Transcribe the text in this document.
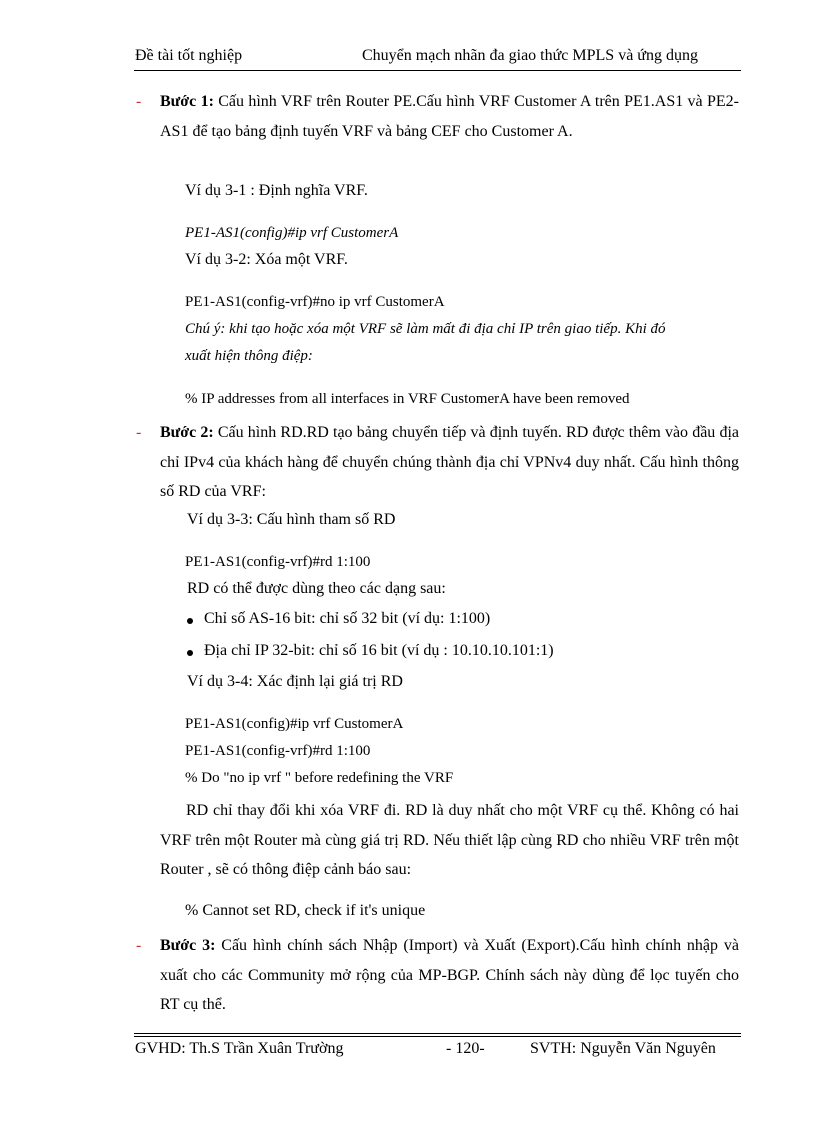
Đề tài tốt nghiệp	Chuyển mạch nhãn đa giao thức MPLS và ứng dụng
- Bước 1: Cấu hình VRF trên Router PE.Cấu hình VRF Customer A trên PE1.AS1 và PE2-AS1 để tạo bảng định tuyến VRF và bảng CEF cho Customer A.
Ví dụ 3-1 : Định nghĩa VRF.
PE1-AS1(config)#ip vrf CustomerA
Ví dụ 3-2: Xóa một VRF.
PE1-AS1(config-vrf)#no ip vrf CustomerA
Chú ý: khi tạo hoặc xóa một VRF sẽ làm mất đi địa chỉ IP trên giao tiếp. Khi đó
xuất hiện thông điệp:
% IP addresses from all interfaces in VRF CustomerA have been removed
- Bước 2: Cấu hình RD.RD tạo bảng chuyển tiếp và định tuyến. RD được thêm vào đầu địa chỉ IPv4 của khách hàng để chuyển chúng thành địa chỉ VPNv4 duy nhất. Cấu hình thông số RD của VRF:
Ví dụ 3-3: Cấu hình tham số RD
PE1-AS1(config-vrf)#rd 1:100
RD có thể được dùng theo các dạng sau:
Chỉ số AS-16 bit: chỉ số 32 bit (ví dụ: 1:100)
Địa chỉ IP 32-bit: chỉ số 16 bit (ví dụ : 10.10.10.101:1)
Ví dụ 3-4: Xác định lại giá trị RD
PE1-AS1(config)#ip vrf CustomerA
PE1-AS1(config-vrf)#rd 1:100
% Do "no ip vrf " before redefining the VRF
RD chỉ thay đổi khi xóa VRF đi. RD là duy nhất cho một VRF cụ thể. Không có hai VRF trên một Router mà cùng giá trị RD. Nếu thiết lập cùng RD cho nhiều VRF trên một Router , sẽ có thông điệp cảnh báo sau:
% Cannot set RD, check if it's unique
- Bước 3: Cấu hình chính sách Nhập (Import) và Xuất (Export).Cấu hình chính nhập và xuất cho các Community mở rộng của MP-BGP. Chính sách này dùng để lọc tuyến cho RT cụ thể.
GVHD: Th.S Trần Xuân Trường	- 120-	SVTH: Nguyễn Văn Nguyên
